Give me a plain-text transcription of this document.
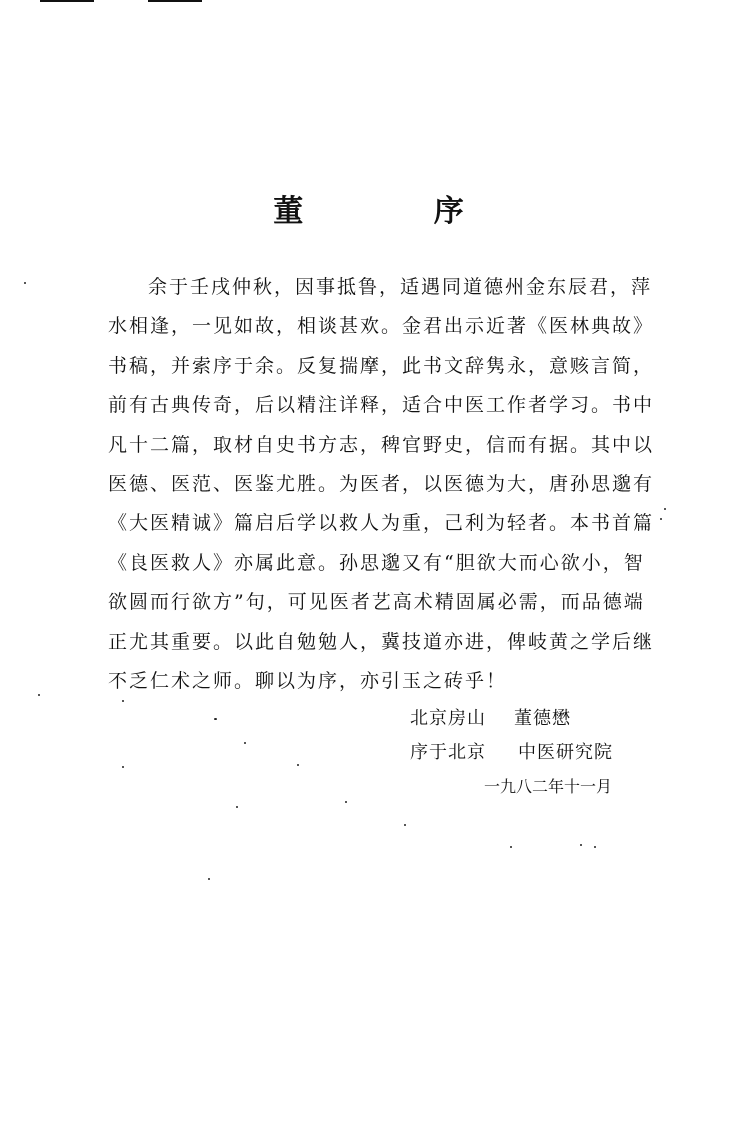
董 序
余于壬戌仲秋，因事抵鲁，适遇同道德州金东辰君，萍
水相逢，一见如故，相谈甚欢。金君出示近著《医林典故》
书稿，并索序于余。反复揣摩，此书文辞隽永，意赅言简，
前有古典传奇，后以精注详释，适合中医工作者学习。书中
凡十二篇，取材自史书方志，稗官野史，信而有据。其中以
医德、医范、医鉴尤胜。为医者，以医德为大，唐孙思邈有
《大医精诚》篇启后学以救人为重，己利为轻者。本书首篇
《良医救人》亦属此意。孙思邈又有“胆欲大而心欲小，智
欲圆而行欲方”句，可见医者艺高术精固属必需，而品德端
正尤其重要。以此自勉勉人，冀技道亦进，俾岐黄之学后继
不乏仁术之师。聊以为序，亦引玉之砖乎！
北京房山 董德懋
序于北京 中医研究院
一九八二年十一月
